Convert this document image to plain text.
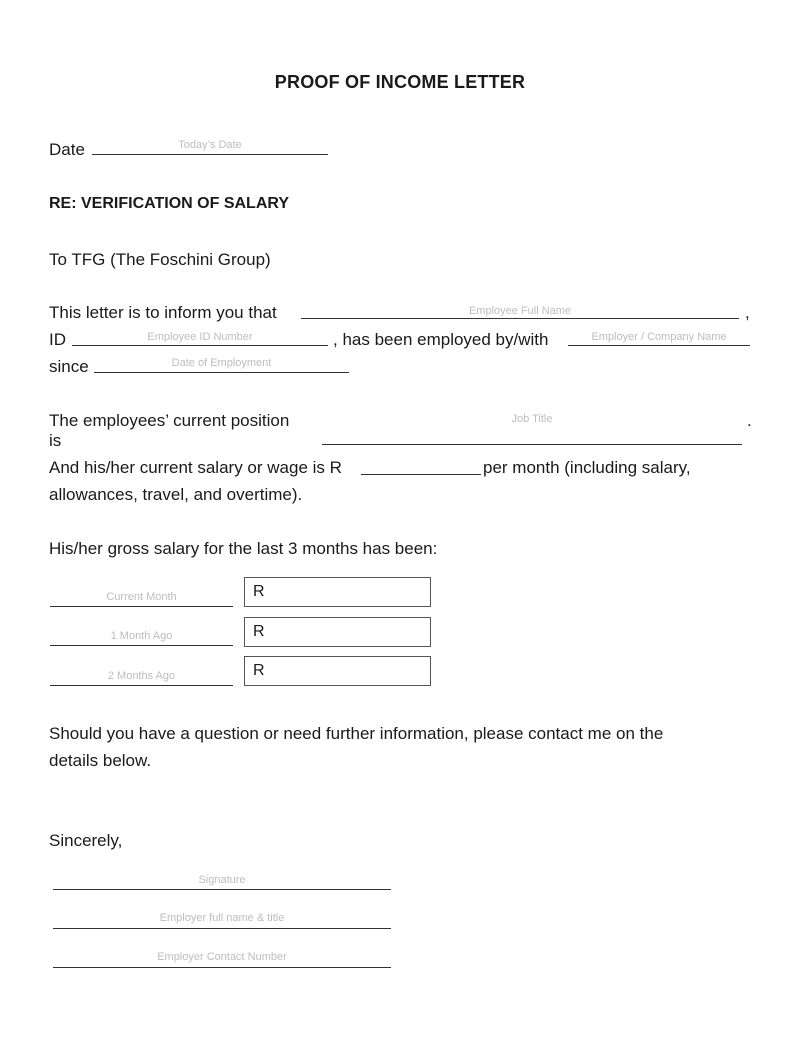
PROOF OF INCOME LETTER
Date	Today’s Date
RE: VERIFICATION OF SALARY
To TFG (The Foschini Group)
This letter is to inform you that	Employee Full Name	,
ID	Employee ID Number	, has been employed by/with	Employer / Company Name
since	Date of Employment
The employees’ current position
is
Job Title	.
And his/her current salary or wage is R	per month (including salary,
allowances, travel, and overtime).
His/her gross salary for the last 3 months has been:
Current Month	R
1 Month Ago	R
2 Months Ago	R
Should you have a question or need further information, please contact me on the
details below.
Sincerely,
Signature
Employer full name & title
Employer Contact Number
